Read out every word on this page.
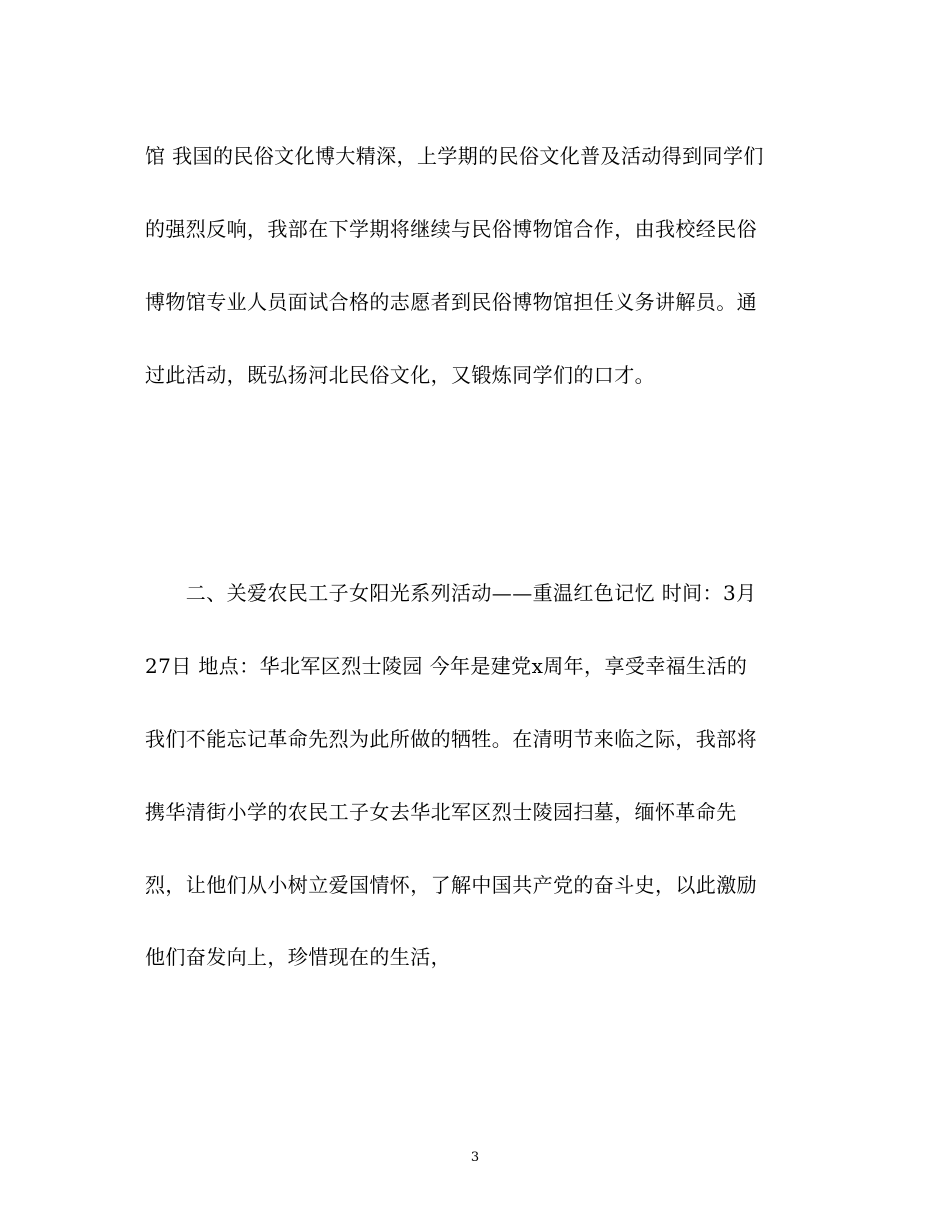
馆 我国的民俗文化博大精深，上学期的民俗文化普及活动得到同学们
的强烈反响，我部在下学期将继续与民俗博物馆合作，由我校经民俗
博物馆专业人员面试合格的志愿者到民俗博物馆担任义务讲解员。通
过此活动，既弘扬河北民俗文化，又锻炼同学们的口才。
　　二、关爱农民工子女阳光系列活动——重温红色记忆 时间：3月
27日 地点：华北军区烈士陵园 今年是建党x周年，享受幸福生活的
我们不能忘记革命先烈为此所做的牺牲。在清明节来临之际，我部将
携华清街小学的农民工子女去华北军区烈士陵园扫墓，缅怀革命先
烈，让他们从小树立爱国情怀，了解中国共产党的奋斗史，以此激励
他们奋发向上，珍惜现在的生活，
3
